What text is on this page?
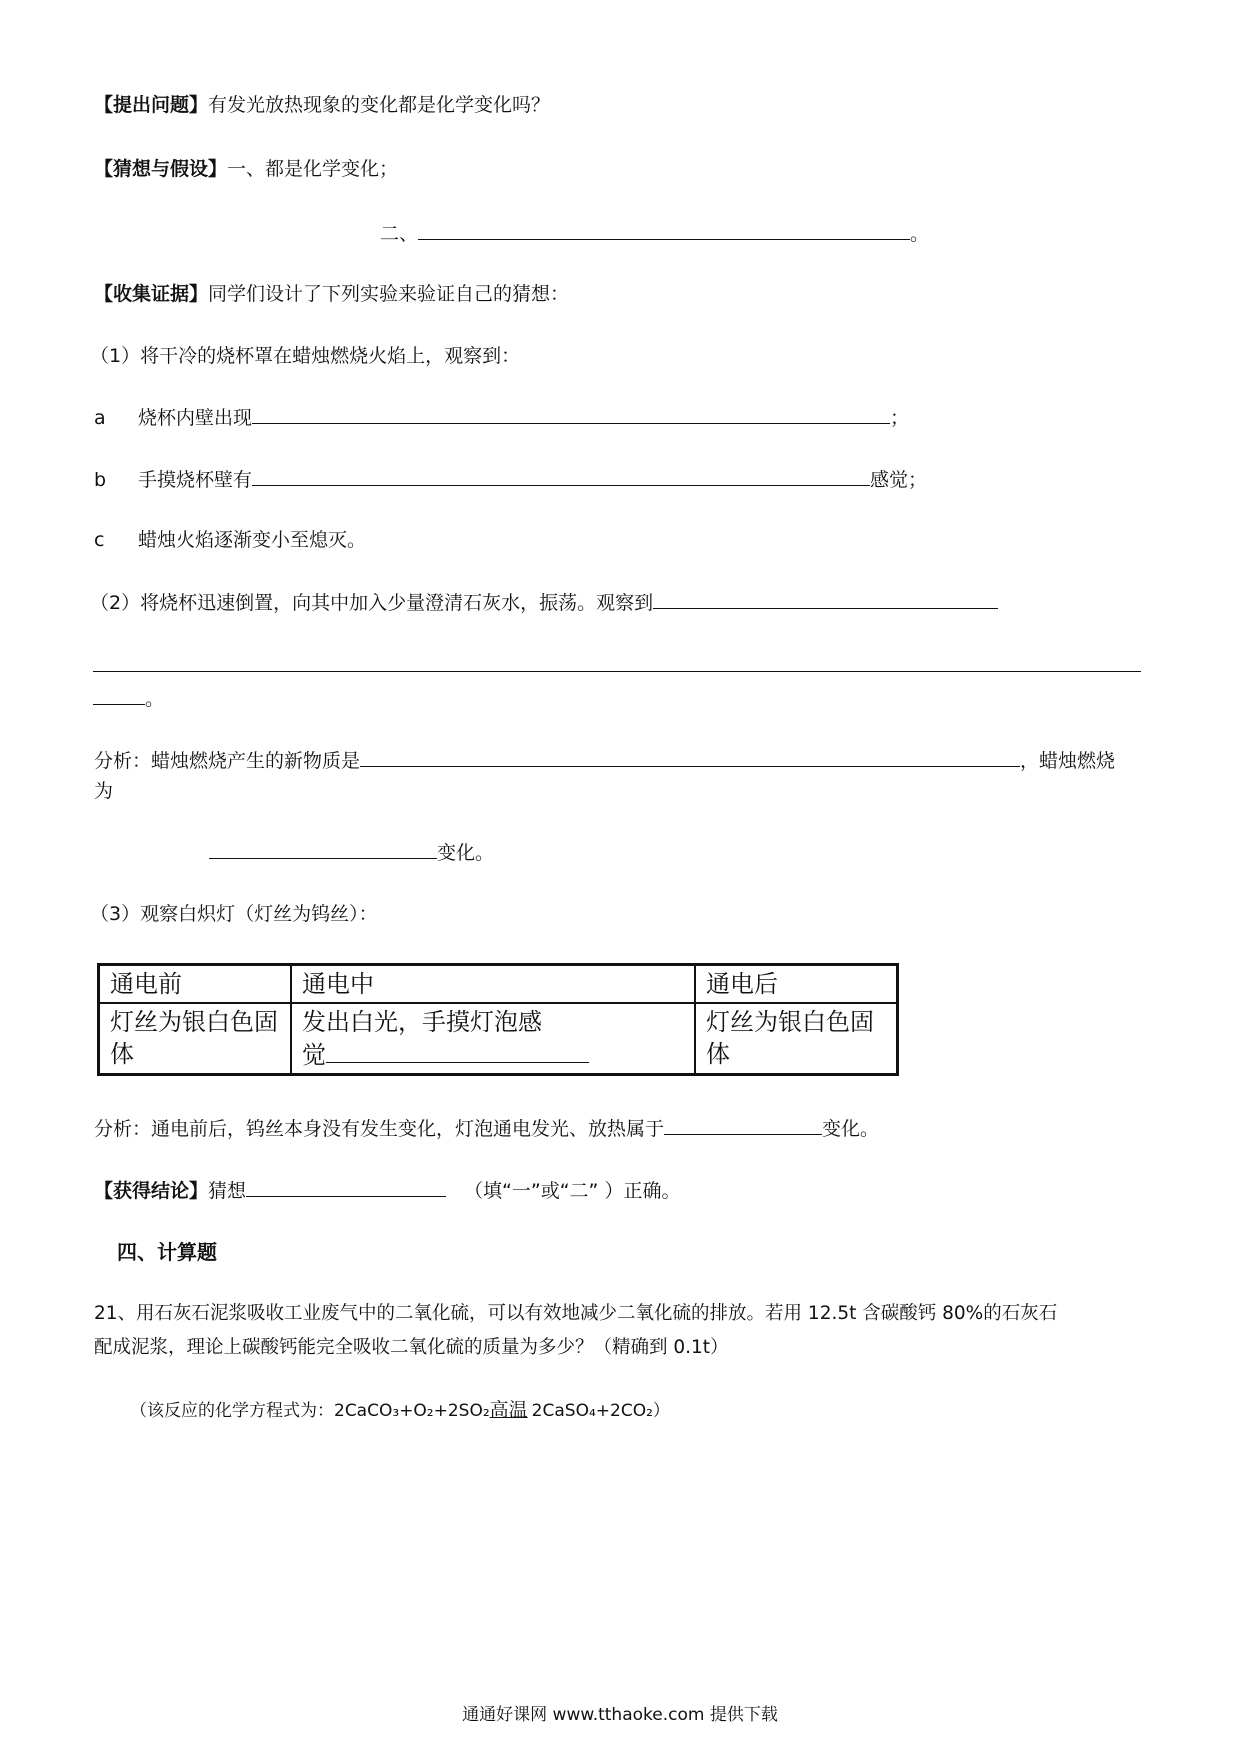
【提出问题】有发光放热现象的变化都是化学变化吗？
【猜想与假设】一、都是化学变化；
二、	。
【收集证据】同学们设计了下列实验来验证自己的猜想：
（1）将干冷的烧杯罩在蜡烛燃烧火焰上，观察到：
a 烧杯内壁出现	；
b 手摸烧杯壁有	感觉；
c 蜡烛火焰逐渐变小至熄灭。
（2）将烧杯迅速倒置，向其中加入少量澄清石灰水，振荡。观察到
。
分析：蜡烛燃烧产生的新物质是	，蜡烛燃烧
为
变化。
（3）观察白炽灯（灯丝为钨丝）：
通电前	通电中	通电后
灯丝为银白色固体	发出白光，手摸灯泡感
觉	灯丝为银白色固体
分析：通电前后，钨丝本身没有发生变化，灯泡通电发光、放热属于	变化。
【获得结论】猜想	（填“一”或“二” ）正确。
四、计算题
21、用石灰石泥浆吸收工业废气中的二氧化硫，可以有效地减少二氧化硫的排放。若用 12.5t 含碳酸钙 80%的石灰石
配成泥浆，理论上碳酸钙能完全吸收二氧化硫的质量为多少？（精确到 0.1t）
（该反应的化学方程式为：2CaCO₃+O₂+2SO₂高温 2CaSO₄+2CO₂）
通通好课网 www.tthaoke.com 提供下载
